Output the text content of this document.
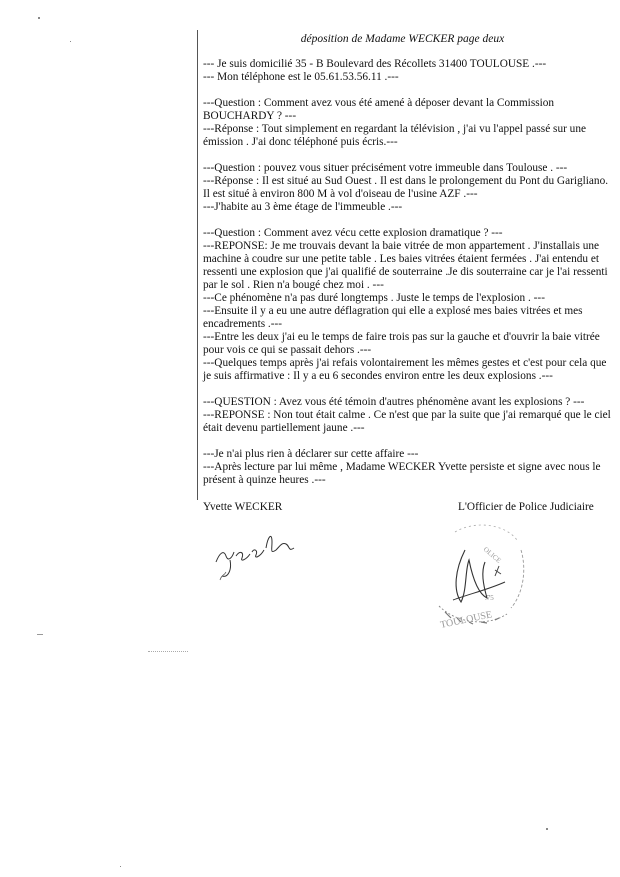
déposition de Madame WECKER page deux

--- Je suis domicilié 35 - B Boulevard des Récollets 31400 TOULOUSE .---

--- Mon téléphone est le 05.61.53.56.11 .---

---Question : Comment avez vous été amené à déposer devant la Commission BOUCHARDY ? ---

---Réponse : Tout simplement en regardant la télévision , j'ai vu l'appel passé sur une émission . J'ai donc téléphoné puis écris.---

---Question : pouvez vous situer précisément votre immeuble dans Toulouse . ---

---Réponse : Il est situé au Sud Ouest . Il est dans le prolongement du Pont du Garigliano. Il est situé à environ 800 M à vol d'oiseau de l'usine AZF .---

---J'habite au 3 ème étage de l'immeuble .---

---Question : Comment avez vécu cette explosion dramatique ? ---

---REPONSE: Je me trouvais devant la baie vitrée de mon appartement . J'installais une machine à coudre sur une petite table . Les baies vitrées étaient fermées . J'ai entendu et ressenti une explosion que j'ai qualifié de souterraine .Je dis souterraine car je l'ai ressenti par le sol . Rien n'a bougé chez moi . ---

---Ce phénomène n'a pas duré longtemps . Juste le temps de l'explosion . ---

---Ensuite il y a eu une autre déflagration qui elle a explosé mes baies vitrées et mes encadrements .---

---Entre les deux j'ai eu le temps de faire trois pas sur la gauche et d'ouvrir la baie vitrée pour vois ce qui se passait dehors .---

---Quelques temps après j'ai refais volontairement les mêmes gestes et c'est pour cela que je suis affirmative : Il y a eu 6 secondes environ entre les deux explosions .---

---QUESTION : Avez vous été témoin d'autres phénomène avant les explosions ? ---

---REPONSE : Non tout était calme . Ce n'est que par la suite que j'ai remarqué que le ciel était devenu partiellement jaune .---

---Je n'ai plus rien à déclarer sur cette affaire ---

---Après lecture par lui même , Madame WECKER Yvette persiste et signe avec nous le présent à quinze heures .---

Yvette WECKER	L'Officier de Police Judiciaire
OLICE
.75
TOULOUSE
